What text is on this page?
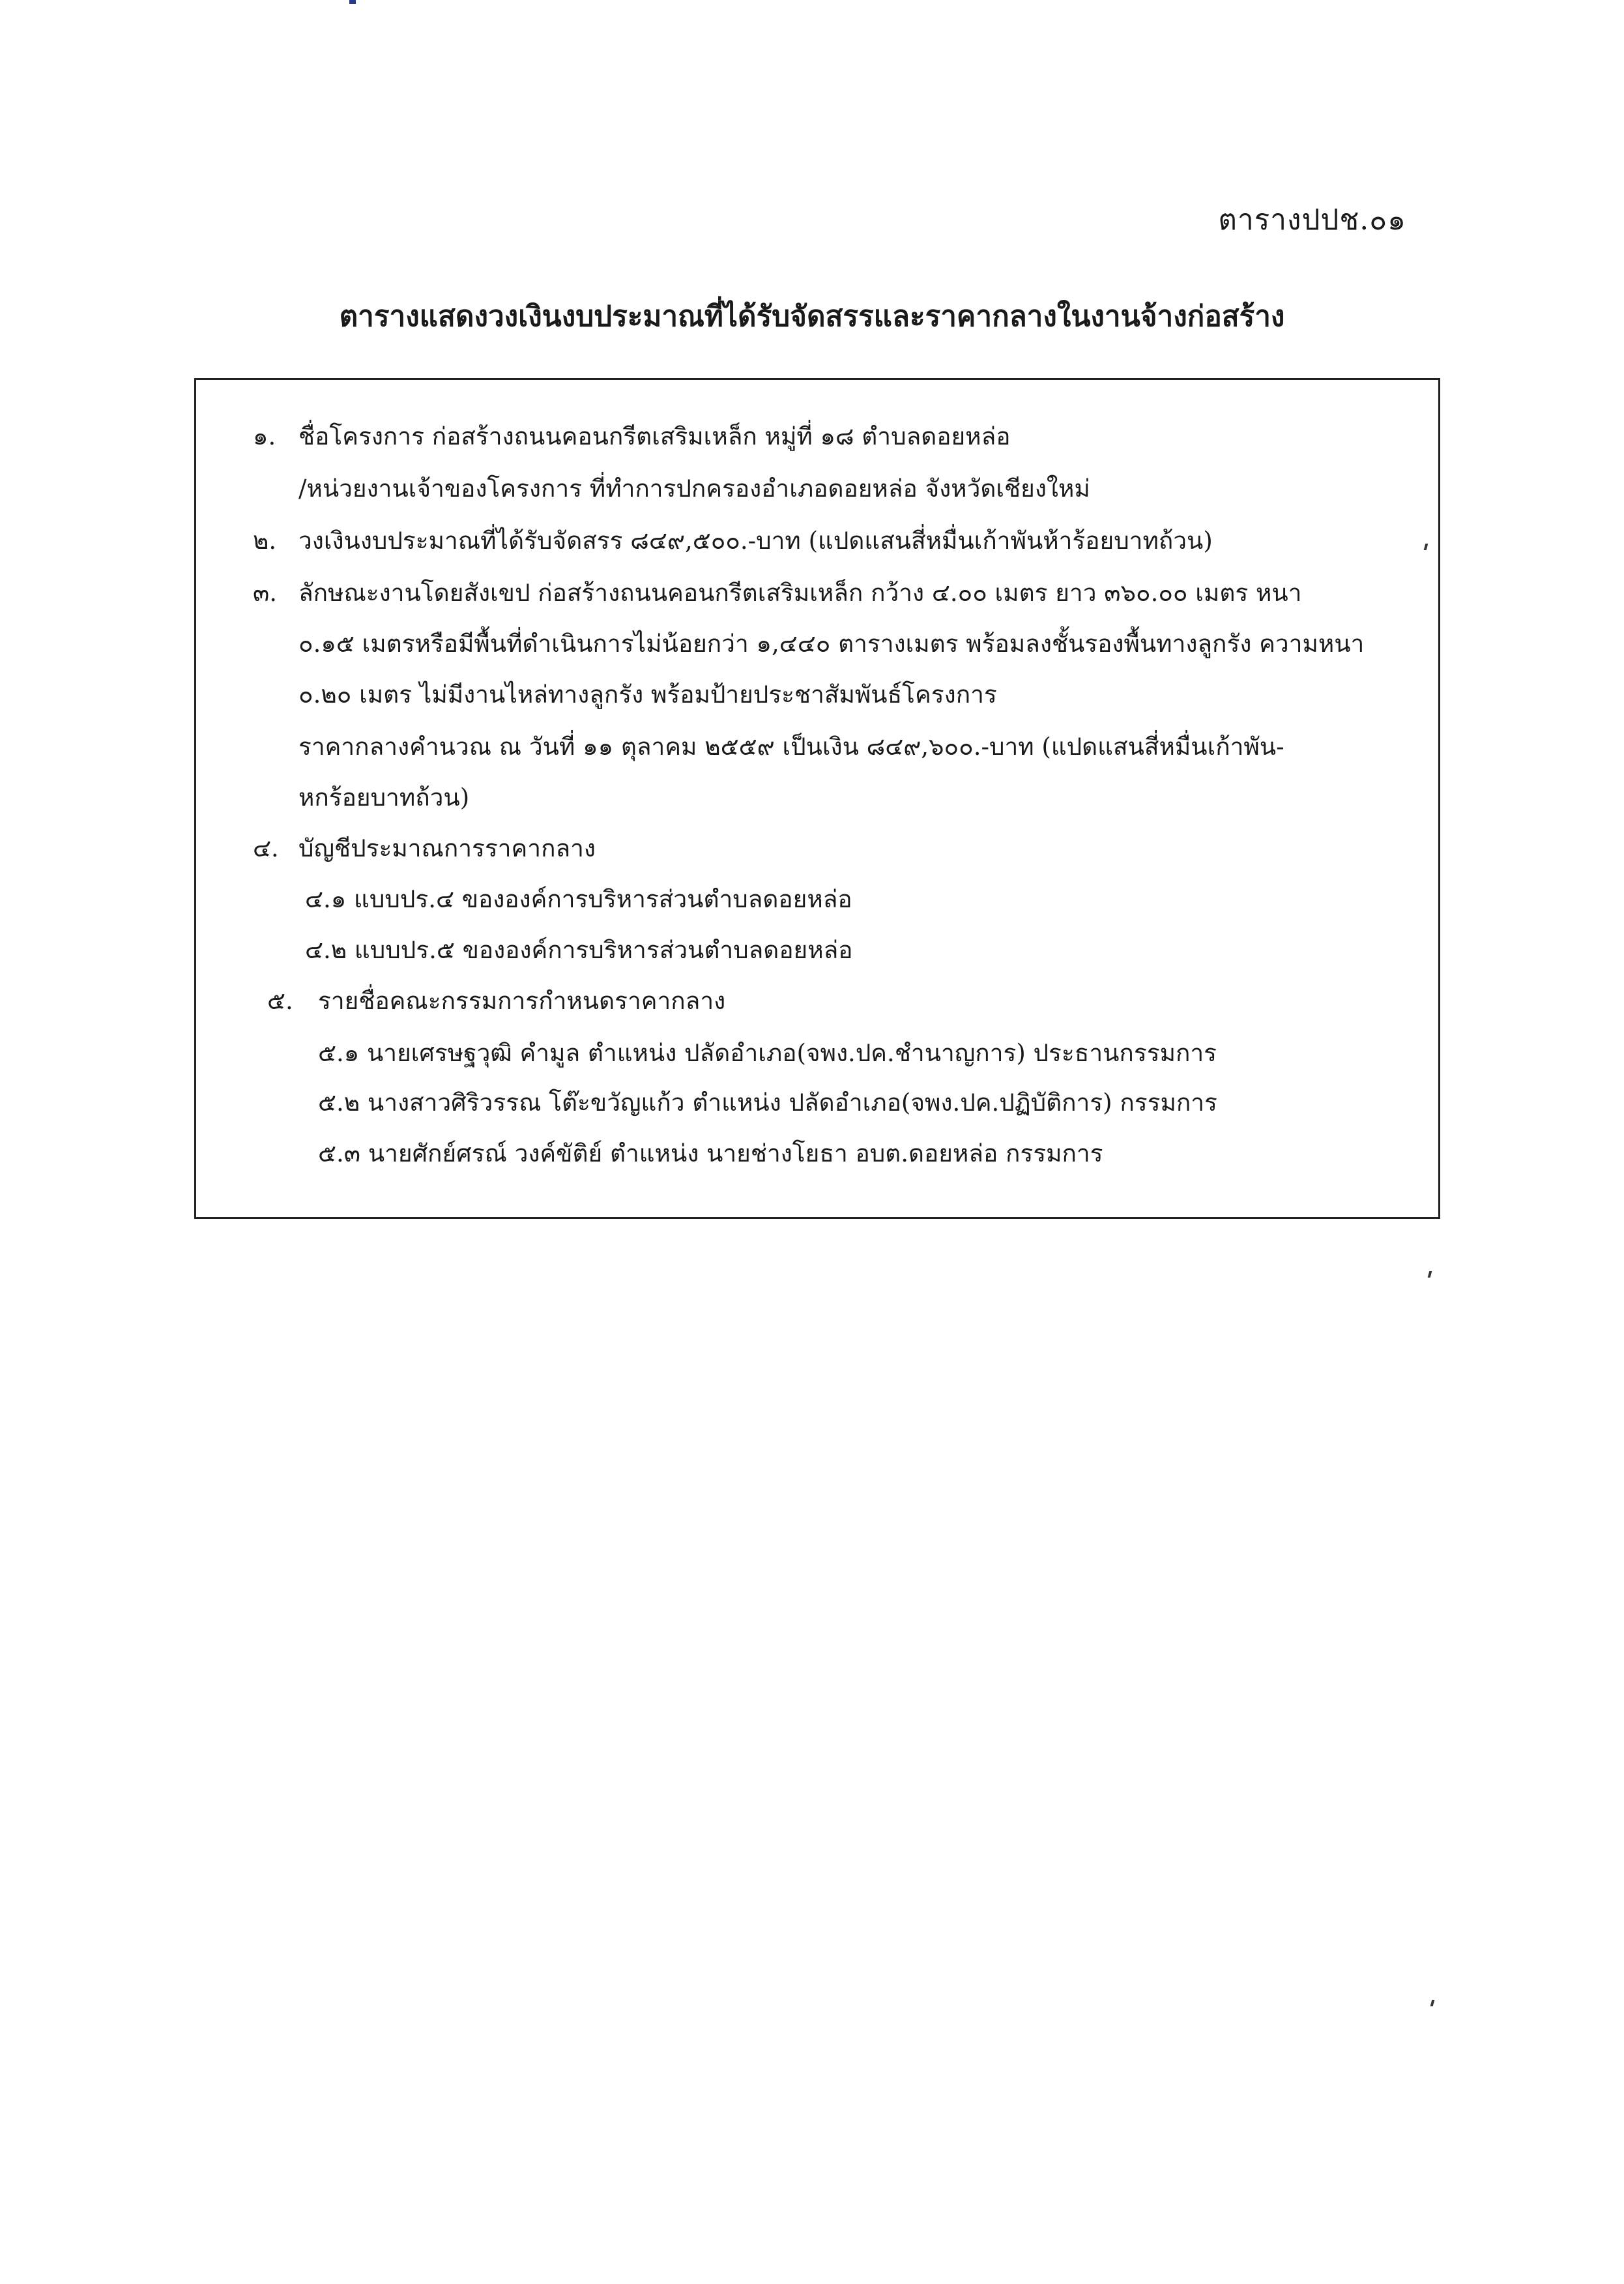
ตารางปปช.๐๑
ตารางแสดงวงเงินงบประมาณที่ได้รับจัดสรรและราคากลางในงานจ้างก่อสร้าง
๑. ชื่อโครงการ ก่อสร้างถนนคอนกรีตเสริมเหล็ก หมู่ที่ ๑๘ ตำบลดอยหล่อ
/หน่วยงานเจ้าของโครงการ ที่ทำการปกครองอำเภอดอยหล่อ จังหวัดเชียงใหม่
๒. วงเงินงบประมาณที่ได้รับจัดสรร ๘๔๙,๕๐๐.-บาท (แปดแสนสี่หมื่นเก้าพันห้าร้อยบาทถ้วน)
๓. ลักษณะงานโดยสังเขป ก่อสร้างถนนคอนกรีตเสริมเหล็ก กว้าง ๔.๐๐ เมตร ยาว ๓๖๐.๐๐ เมตร หนา
๐.๑๕ เมตรหรือมีพื้นที่ดำเนินการไม่น้อยกว่า ๑,๔๔๐ ตารางเมตร พร้อมลงชั้นรองพื้นทางลูกรัง ความหนา
๐.๒๐ เมตร ไม่มีงานไหล่ทางลูกรัง พร้อมป้ายประชาสัมพันธ์โครงการ
ราคากลางคำนวณ ณ วันที่ ๑๑ ตุลาคม ๒๕๕๙ เป็นเงิน ๘๔๙,๖๐๐.-บาท (แปดแสนสี่หมื่นเก้าพัน-
หกร้อยบาทถ้วน)
๔. บัญชีประมาณการราคากลาง
๔.๑ แบบปร.๔ ขององค์การบริหารส่วนตำบลดอยหล่อ
๔.๒ แบบปร.๕ ขององค์การบริหารส่วนตำบลดอยหล่อ
๕. รายชื่อคณะกรรมการกำหนดราคากลาง
๕.๑ นายเศรษฐวุฒิ คำมูล ตำแหน่ง ปลัดอำเภอ(จพง.ปค.ชำนาญการ) ประธานกรรมการ
๕.๒ นางสาวศิริวรรณ โต๊ะขวัญแก้ว ตำแหน่ง ปลัดอำเภอ(จพง.ปค.ปฏิบัติการ) กรรมการ
๕.๓ นายศักย์ศรณ์ วงค์ขัติย์ ตำแหน่ง นายช่างโยธา อบต.ดอยหล่อ กรรมการ
